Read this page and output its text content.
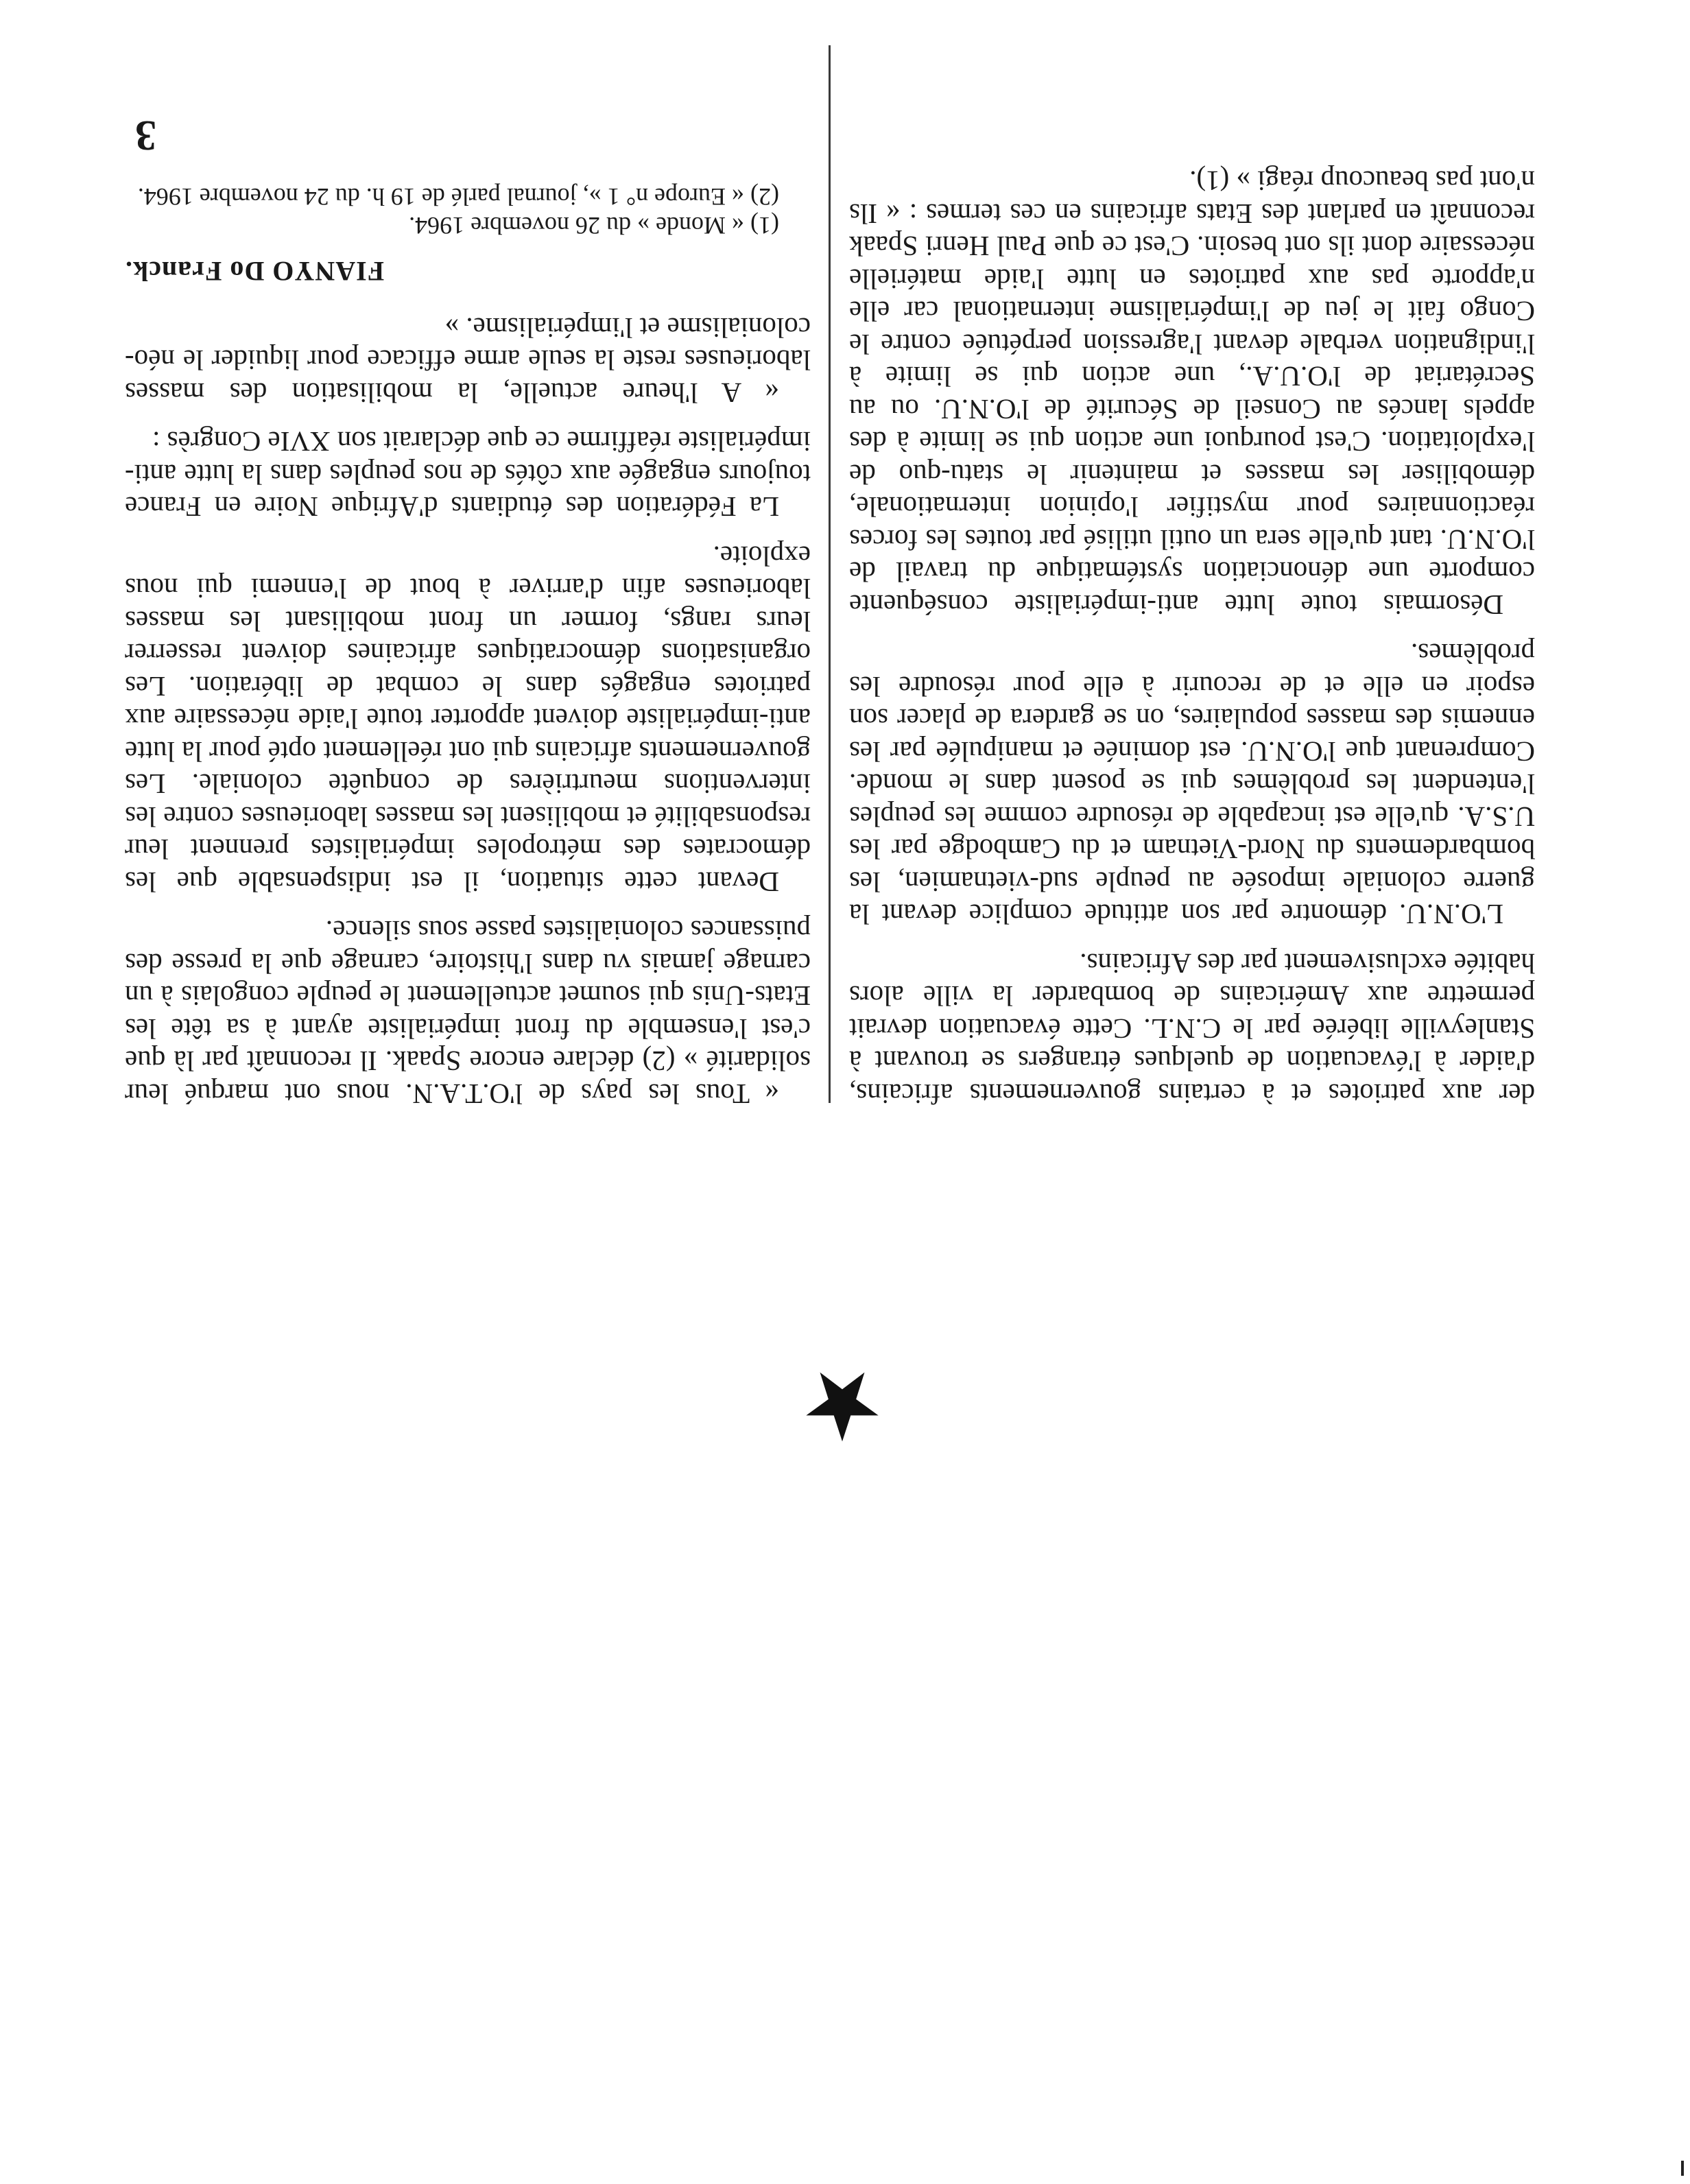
3

der aux patriotes et à certains gouvernements africains, d'aider à l'évacuation de quelques étrangers se trouvant à Stanleyville libérée par le C.N.L. Cette évacuation devrait permettre aux Américains de bombarder la ville alors habitée exclusivement par des Africains.

L'O.N.U. démontre par son attitude complice devant la guerre coloniale imposée au peuple sud-vietnamien, les bombardements du Nord-Vietnam et du Cambodge par les U.S.A. qu'elle est incapable de résoudre comme les peuples l'entendent les problèmes qui se posent dans le monde. Comprenant que l'O.N.U. est dominée et manipulée par les ennemis des masses populaires, on se gardera de placer son espoir en elle et de recourir à elle pour résoudre les problèmes.

Désormais toute lutte anti-impérialiste conséquente comporte une dénonciation systématique du travail de l'O.N.U. tant qu'elle sera un outil utilisé par toutes les forces réactionnaires pour mystifier l'opinion internationale, démobiliser les masses et maintenir le statu-quo de l'exploitation. C'est pourquoi une action qui se limite à des appels lancés au Conseil de Sécurité de l'O.N.U. ou au Secrétariat de l'O.U.A., une action qui se limite à l'indignation verbale devant l'agression perpétuée contre le Congo fait le jeu de l'impérialisme international car elle n'apporte pas aux patriotes en lutte l'aide matérielle nécessaire dont ils ont besoin. C'est ce que Paul Henri Spaak reconnaît en parlant des Etats africains en ces termes : « Ils n'ont pas beaucoup réagi » (1).

« Tous les pays de l'O.T.A.N. nous ont marqué leur solidarité » (2) déclare encore Spaak. Il reconnaît par là que c'est l'ensemble du front impérialiste ayant à sa tête les Etats-Unis qui soumet actuellement le peuple congolais à un carnage jamais vu dans l'histoire, carnage que la presse des puissances colonialistes passe sous silence.

Devant cette situation, il est indispensable que les démocrates des métropoles impérialistes prennent leur responsabilité et mobilisent les masses laborieuses contre les interventions meurtrières de conquête coloniale. Les gouvernements africains qui ont réellement opté pour la lutte anti-impérialiste doivent apporter toute l'aide nécessaire aux patriotes engagés dans le combat de libération. Les organisations démocratiques africaines doivent resserrer leurs rangs, former un front mobilisant les masses laborieuses afin d'arriver à bout de l'ennemi qui nous exploite.

La Fédération des étudiants d'Afrique Noire en France toujours engagée aux côtés de nos peuples dans la lutte anti-impérialiste réaffirme ce que déclarait son XVIe Congrès :

« A l'heure actuelle, la mobilisation des masses laborieuses reste la seule arme efficace pour liquider le néo-colonialisme et l'impérialisme. »

FIANYO Do Franck.

(1) « Monde » du 26 novembre 1964.

(2) « Europe n° 1 », journal parlé de 19 h. du 24 novembre 1964.
